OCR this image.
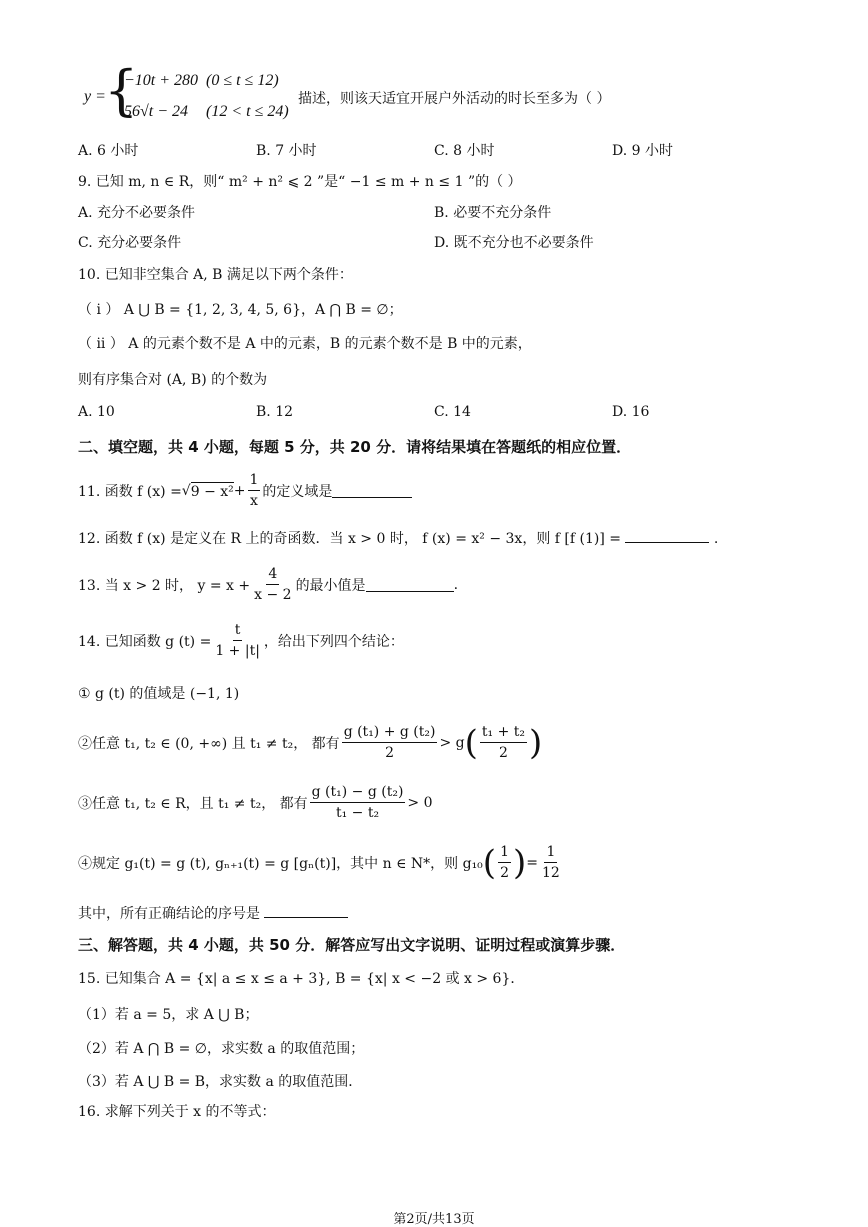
y =
{
−10t + 280 (0 ≤ t ≤ 12)
56√t − 24 (12 < t ≤ 24)
描述，则该天适宜开展户外活动的时长至多为（ ）
A. 6 小时	B. 7 小时	C. 8 小时	D. 9 小时
9. 已知 m, n ∈ R，则“ m² + n² ⩽ 2 ”是“ −1 ≤ m + n ≤ 1 ”的（ ）
A. 充分不必要条件	B. 必要不充分条件
C. 充分必要条件	D. 既不充分也不必要条件
10. 已知非空集合 A, B 满足以下两个条件：
（ i ） A ⋃ B = {1, 2, 3, 4, 5, 6}，A ⋂ B = ∅；
（ ii ） A 的元素个数不是 A 中的元素，B 的元素个数不是 B 中的元素，
则有序集合对 (A, B) 的个数为
A. 10	B. 12	C. 14	D. 16
二、填空题，共 4 小题，每题 5 分，共 20 分．请将结果填在答题纸的相应位置．
11. 函数 f (x) = √ $9 - x^2 + \frac{1}{x}$ 的定义域是
12. 函数 f (x) 是定义在 R 上的奇函数．当 x > 0 时， f (x) = x² − 3x，则 f [f (1)] =	.
13. 当 x > 2 时， $y = x + \frac{4}{x - 2}$ 的最小值是	.
14. 已知函数 g $(t) = \frac{t}{1 + |t|}$ ，给出下列四个结论：
① g (t) 的值域是 (−1, 1)
②任意 t₁, t₂ ∈ (0, +∞) 且 t₁ ≠ t₂， 都有 $\frac{\text{g (t₁) + g (t₂)}}{2} > g$ ( $\frac{\text{t₁ + t₂}}{2}$ )
③任意 t₁, t₂ ∈ R，且 t₁ ≠ t₂， 都有 $\frac{\text{g (t₁) − g (t₂)}}{\text{t₁ − t₂}} > 0$
④规定 g₁(t) = g (t), gₙ₊₁(t) = g [gₙ(t)]，其中 n ∈ N*，则 g₁₀ ( $\frac{1}{2}$ ) = $\frac{1}{12}$
其中，所有正确结论的序号是
三、解答题，共 4 小题，共 50 分．解答应写出文字说明、证明过程或演算步骤．
15. 已知集合 A = {x| a ≤ x ≤ a + 3}, B = {x| x < −2 或 x > 6}．
（1）若 a = 5，求 A ⋃ B；
（2）若 A ⋂ B = ∅，求实数 a 的取值范围；
（3）若 A ⋃ B = B，求实数 a 的取值范围．
16. 求解下列关于 x 的不等式：
第2页/共13页
